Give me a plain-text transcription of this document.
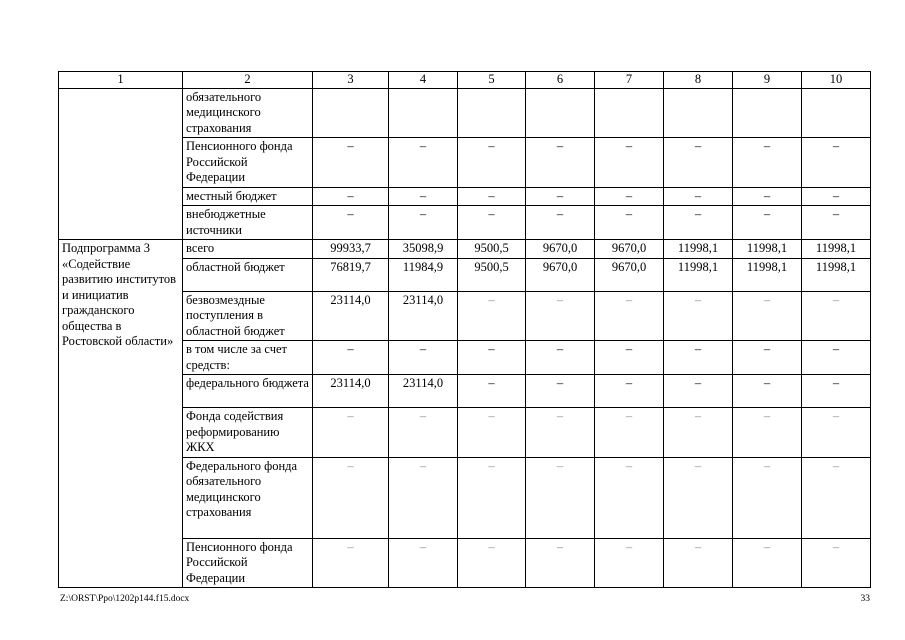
1	2	3	4	5	6	7	8	9	10
	обязательного медицинского страхования								
	Пенсионного фонда Российской Федерации	–	–	–	–	–	–	–	–
	местный бюджет	–	–	–	–	–	–	–	–
	внебюджетные источники	–	–	–	–	–	–	–	–
Подпрограмма 3 «Содействие развитию институтов и инициатив гражданского общества в Ростовской области»	всего	99933,7	35098,9	9500,5	9670,0	9670,0	11998,1	11998,1	11998,1
	областной бюджет	76819,7	11984,9	9500,5	9670,0	9670,0	11998,1	11998,1	11998,1
	безвозмездные поступления в областной бюджет	23114,0	23114,0	–	–	–	–	–	–
	в том числе за счет средств:	–	–	–	–	–	–	–	–
	федерального бюджета	23114,0	23114,0	–	–	–	–	–	–
	Фонда содействия реформированию ЖКХ	–	–	–	–	–	–	–	–
	Федерального фонда обязательного медицинского страхования	–	–	–	–	–	–	–	–
	Пенсионного фонда Российской Федерации	–	–	–	–	–	–	–	–
Z:\ORST\Ppo\1202p144.f15.docx	33
